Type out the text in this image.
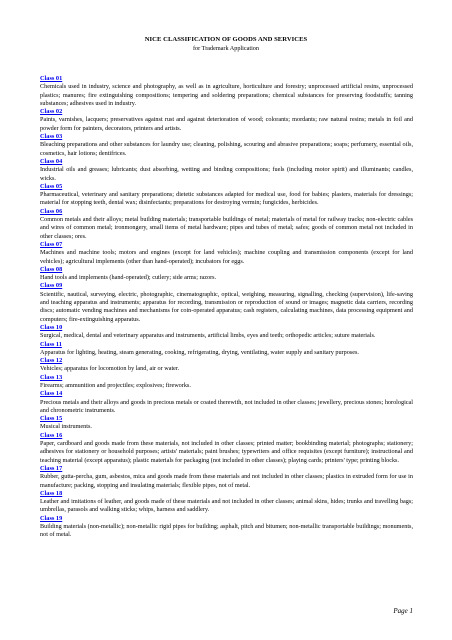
NICE CLASSIFICATION OF GOODS AND SERVICES
for Trademark Application
Class 01
Chemicals used in industry, science and photography, as well as in agriculture, horticulture and forestry; unprocessed artificial resins, unprocessed plastics; manures; fire extinguishing compositions; tempering and soldering preparations; chemical substances for preserving foodstuffs; tanning substances; adhesives used in industry.
Class 02
Paints, varnishes, lacquers; preservatives against rust and against deterioration of wood; colorants; mordants; raw natural resins; metals in foil and powder form for painters, decorators, printers and artists.
Class 03
Bleaching preparations and other substances for laundry use; cleaning, polishing, scouring and abrasive preparations; soaps; perfumery, essential oils, cosmetics, hair lotions; dentifrices.
Class 04
Industrial oils and greases; lubricants; dust absorbing, wetting and binding compositions; fuels (including motor spirit) and illuminants; candles, wicks.
Class 05
Pharmaceutical, veterinary and sanitary preparations; dietetic substances adapted for medical use, food for babies; plasters, materials for dressings; material for stopping teeth, dental wax; disinfectants; preparations for destroying vermin; fungicides, herbicides.
Class 06
Common metals and their alloys; metal building materials; transportable buildings of metal; materials of metal for railway tracks; non-electric cables and wires of common metal; ironmongery, small items of metal hardware; pipes and tubes of metal; safes; goods of common metal not included in other classes; ores.
Class 07
Machines and machine tools; motors and engines (except for land vehicles); machine coupling and transmission components (except for land vehicles); agricultural implements (other than hand-operated); incubators for eggs.
Class 08
Hand tools and implements (hand-operated); cutlery; side arms; razors.
Class 09
Scientific, nautical, surveying, electric, photographic, cinematographic, optical, weighing, measuring, signalling, checking (supervision), life-saving and teaching apparatus and instruments; apparatus for recording, transmission or reproduction of sound or images; magnetic data carriers, recording discs; automatic vending machines and mechanisms for coin-operated apparatus; cash registers, calculating machines, data processing equipment and computers; fire-extinguishing apparatus.
Class 10
Surgical, medical, dental and veterinary apparatus and instruments, artificial limbs, eyes and teeth; orthopedic articles; suture materials.
Class 11
Apparatus for lighting, heating, steam generating, cooking, refrigerating, drying, ventilating, water supply and sanitary purposes.
Class 12
Vehicles; apparatus for locomotion by land, air or water.
Class 13
Firearms; ammunition and projectiles; explosives; fireworks.
Class 14
Precious metals and their alloys and goods in precious metals or coated therewith, not included in other classes; jewellery, precious stones; horological and chronometric instruments.
Class 15
Musical instruments.
Class 16
Paper, cardboard and goods made from these materials, not included in other classes; printed matter; bookbinding material; photographs; stationery; adhesives for stationery or household purposes; artists' materials; paint brushes; typewriters and office requisites (except furniture); instructional and teaching material (except apparatus); plastic materials for packaging (not included in other classes); playing cards; printers' type; printing blocks.
Class 17
Rubber, gutta-percha, gum, asbestos, mica and goods made from these materials and not included in other classes; plastics in extruded form for use in manufacture; packing, stopping and insulating materials; flexible pipes, not of metal.
Class 18
Leather and imitations of leather, and goods made of these materials and not included in other classes; animal skins, hides; trunks and travelling bags; umbrellas, parasols and walking sticks; whips, harness and saddlery.
Class 19
Building materials (non-metallic); non-metallic rigid pipes for building; asphalt, pitch and bitumen; non-metallic transportable buildings; monuments, not of metal.
Page 1
